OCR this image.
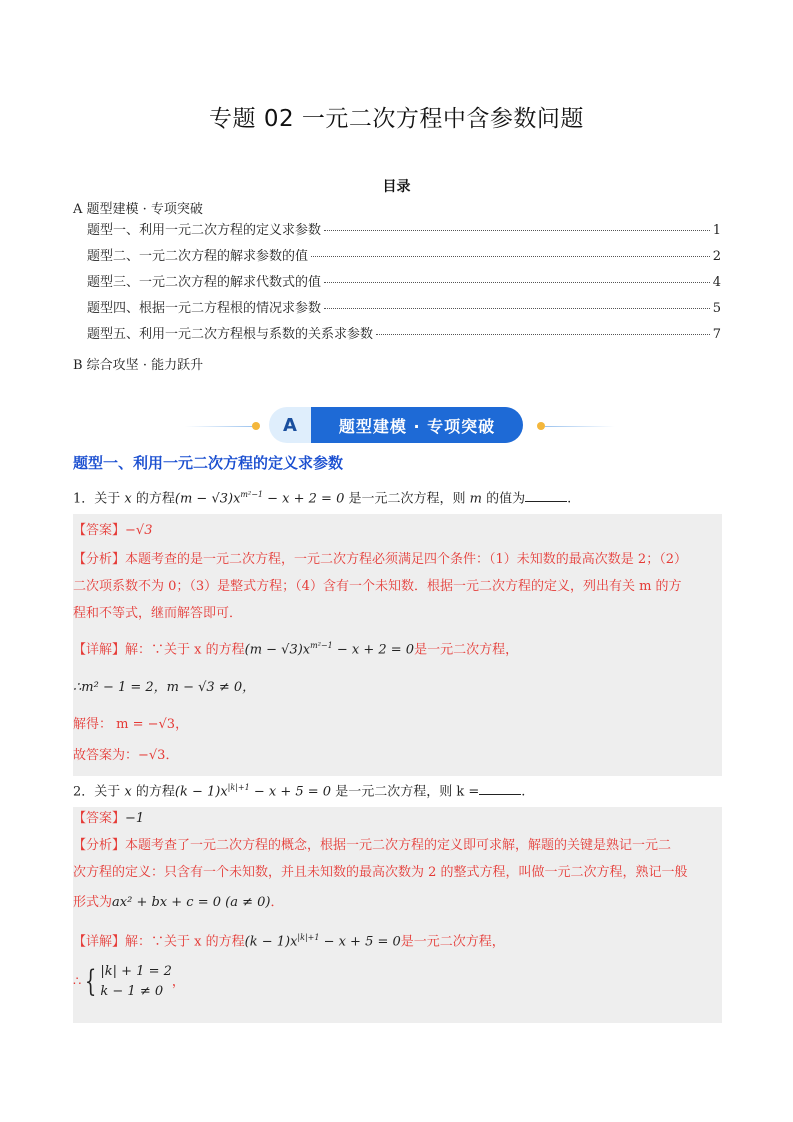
专题 02 一元二次方程中含参数问题
目录
A 题型建模 · 专项突破
题型一、利用一元二次方程的定义求参数	1
题型二、一元二次方程的解求参数的值	2
题型三、一元二次方程的解求代数式的值	4
题型四、根据一元二方程根的情况求参数	5
题型五、利用一元二次方程根与系数的关系求参数	7
B 综合攻坚 · 能力跃升
A	题型建模 · 专项突破
题型一、利用一元二次方程的定义求参数
1．关于 x 的方程$(m - √3)x^{m^2-1} - x + 2 = 0$ 是一元二次方程，则 m 的值为	.
【答案】−√3
【分析】本题考查的是一元二次方程，一元二次方程必须满足四个条件：（1）未知数的最高次数是 2；（2）
二次项系数不为 0；（3）是整式方程；（4）含有一个未知数．根据一元二次方程的定义，列出有关 m 的方
程和不等式，继而解答即可．
【详解】解：∵关于 x 的方程$(m - √3)x^{m^2-1} - x + 2 = 0$是一元二次方程，
∴m² − 1 = 2，m − √3 ≠ 0，
解得： m = −√3，
故答案为：−√3．
2．关于 x 的方程$(k - 1)x^{|k|+1} - x + 5 = 0$ 是一元二次方程，则 k =	.
【答案】−1
【分析】本题考查了一元二次方程的概念，根据一元二次方程的定义即可求解，解题的关键是熟记一元二
次方程的定义：只含有一个未知数，并且未知数的最高次数为 2 的整式方程，叫做一元二次方程，熟记一般
形式为ax² + bx + c = 0 (a ≠ 0)．
【详解】解：∵关于 x 的方程$(k - 1)x^{|k|+1} - x + 5 = 0$是一元二次方程，
∴ { |k| + 1 = 2
k − 1 ≠ 0
，
